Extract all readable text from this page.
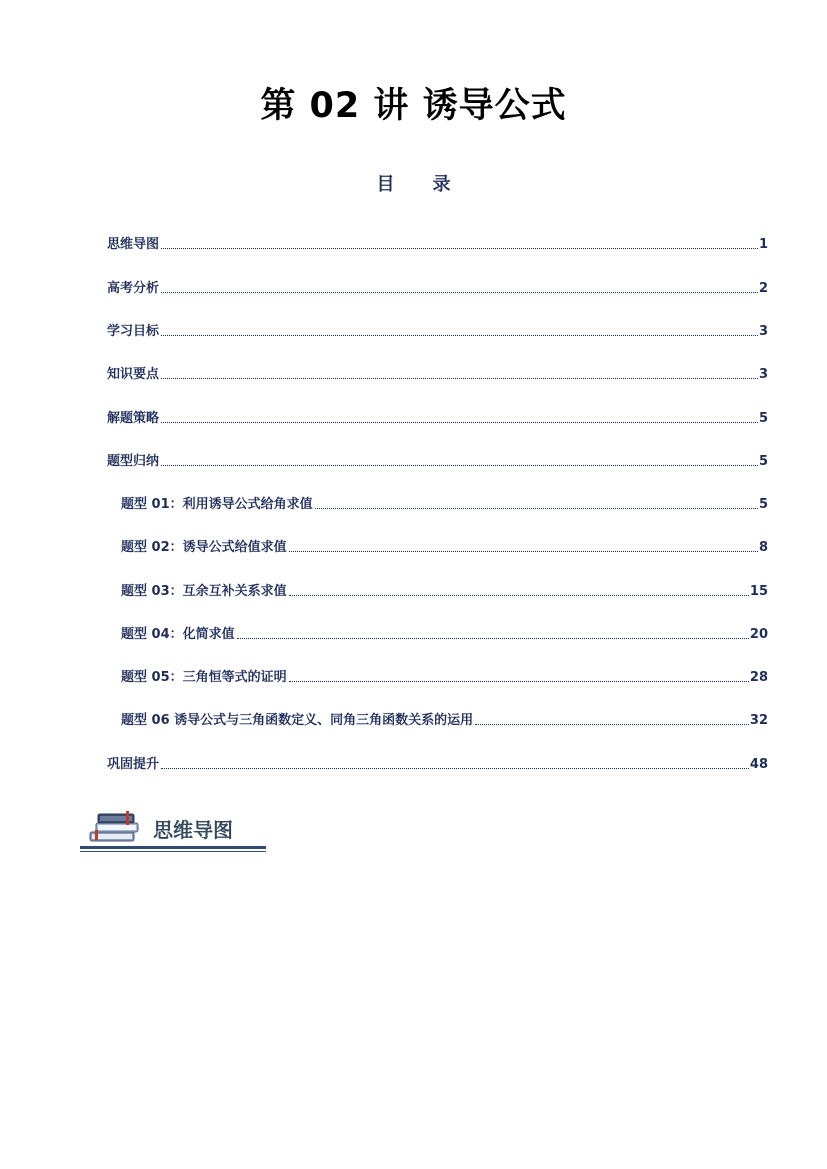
第 02 讲 诱导公式
目录
思维导图	1
高考分析	2
学习目标	3
知识要点	3
解题策略	5
题型归纳	5
题型 01：利用诱导公式给角求值	5
题型 02：诱导公式给值求值	8
题型 03：互余互补关系求值	15
题型 04：化简求值	20
题型 05：三角恒等式的证明	28
题型 06 诱导公式与三角函数定义、同角三角函数关系的运用	32
巩固提升	48
思维导图
